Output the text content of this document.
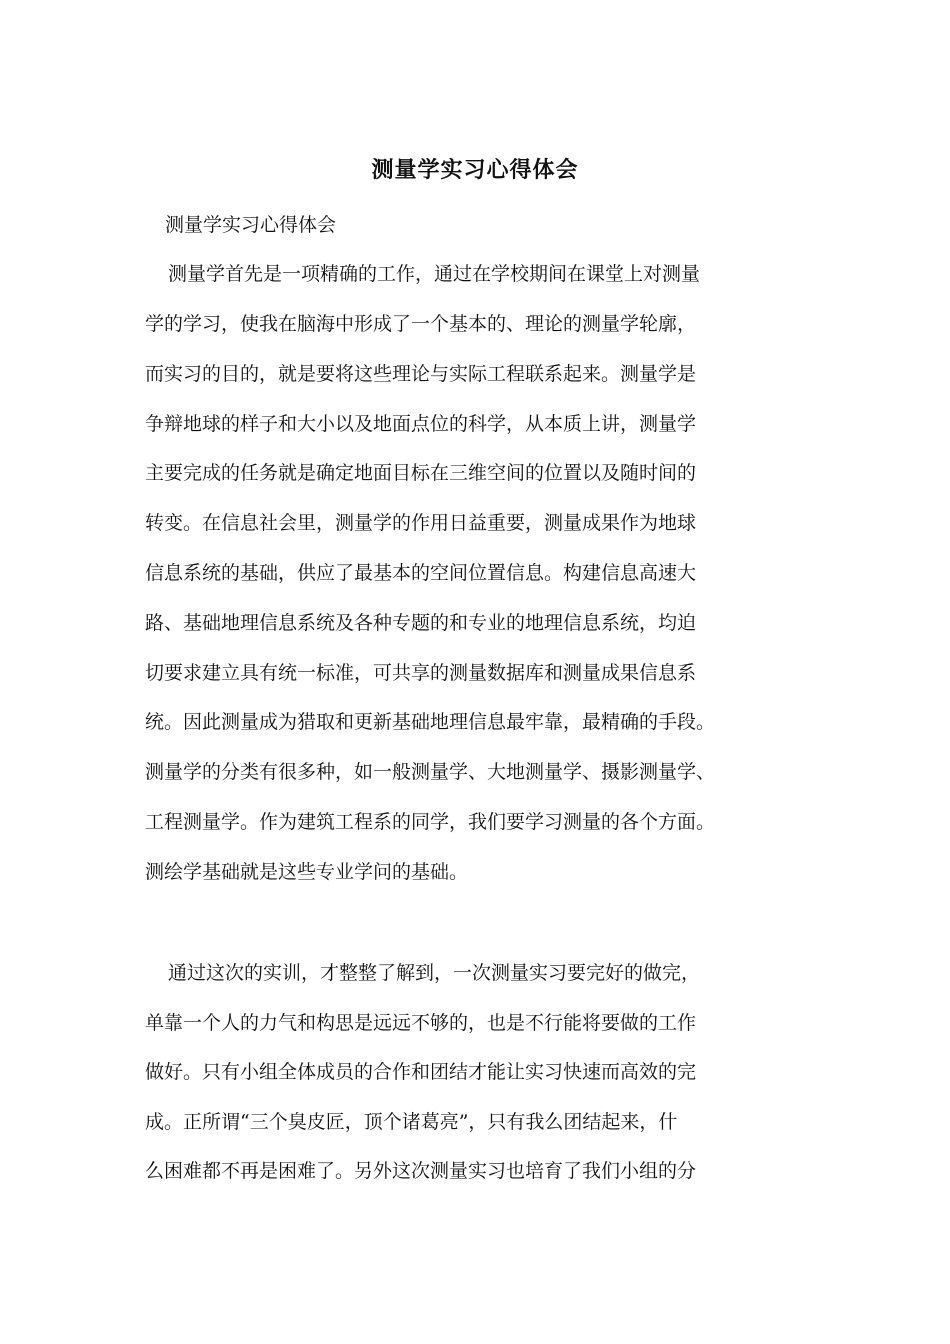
测量学实习心得体会
测量学实习心得体会
测量学首先是一项精确的工作，通过在学校期间在课堂上对测量
学的学习，使我在脑海中形成了一个基本的、理论的测量学轮廓，
而实习的目的，就是要将这些理论与实际工程联系起来。测量学是
争辩地球的样子和大小以及地面点位的科学，从本质上讲，测量学
主要完成的任务就是确定地面目标在三维空间的位置以及随时间的
转变。在信息社会里，测量学的作用日益重要，测量成果作为地球
信息系统的基础，供应了最基本的空间位置信息。构建信息高速大
路、基础地理信息系统及各种专题的和专业的地理信息系统，均迫
切要求建立具有统一标准，可共享的测量数据库和测量成果信息系
统。因此测量成为猎取和更新基础地理信息最牢靠，最精确的手段。
测量学的分类有很多种，如一般测量学、大地测量学、摄影测量学、
工程测量学。作为建筑工程系的同学，我们要学习测量的各个方面。
测绘学基础就是这些专业学问的基础。
通过这次的实训，才整整了解到，一次测量实习要完好的做完，
单靠一个人的力气和构思是远远不够的，也是不行能将要做的工作
做好。只有小组全体成员的合作和团结才能让实习快速而高效的完
成。正所谓“三个臭皮匠，顶个诸葛亮”，只有我么团结起来，什
么困难都不再是困难了。另外这次测量实习也培育了我们小组的分
